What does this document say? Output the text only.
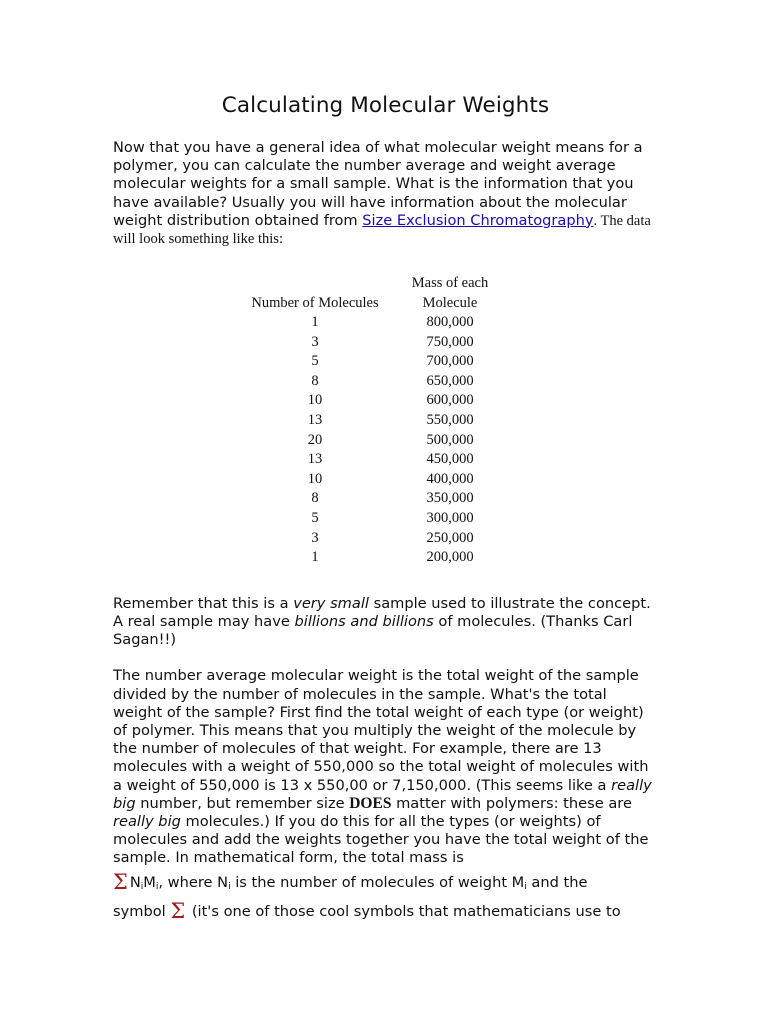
Calculating Molecular Weights

Now that you have a general idea of what molecular weight means for a polymer, you can calculate the number average and weight average molecular weights for a small sample. What is the information that you have available? Usually you will have information about the molecular weight distribution obtained from Size Exclusion Chromatography. The data will look something like this:

Number of Molecules	Mass of each Molecule
1	800,000
3	750,000
5	700,000
8	650,000
10	600,000
13	550,000
20	500,000
13	450,000
10	400,000
8	350,000
5	300,000
3	250,000
1	200,000

Remember that this is a very small sample used to illustrate the concept. A real sample may have billions and billions of molecules. (Thanks Carl Sagan!!)

The number average molecular weight is the total weight of the sample divided by the number of molecules in the sample. What's the total weight of the sample? First find the total weight of each type (or weight) of polymer. This means that you multiply the weight of the molecule by the number of molecules of that weight. For example, there are 13 molecules with a weight of 550,000 so the total weight of molecules with a weight of 550,000 is 13 x 550,00 or 7,150,000. (This seems like a really big number, but remember size DOES matter with polymers: these are really big molecules.) If you do this for all the types (or weights) of molecules and add the weights together you have the total weight of the sample. In mathematical form, the total mass is

Σ $N_iM_i$, where $N_i$ is the number of molecules of weight $M_i$ and the

symbol Σ (it's one of those cool symbols that mathematicians use to
